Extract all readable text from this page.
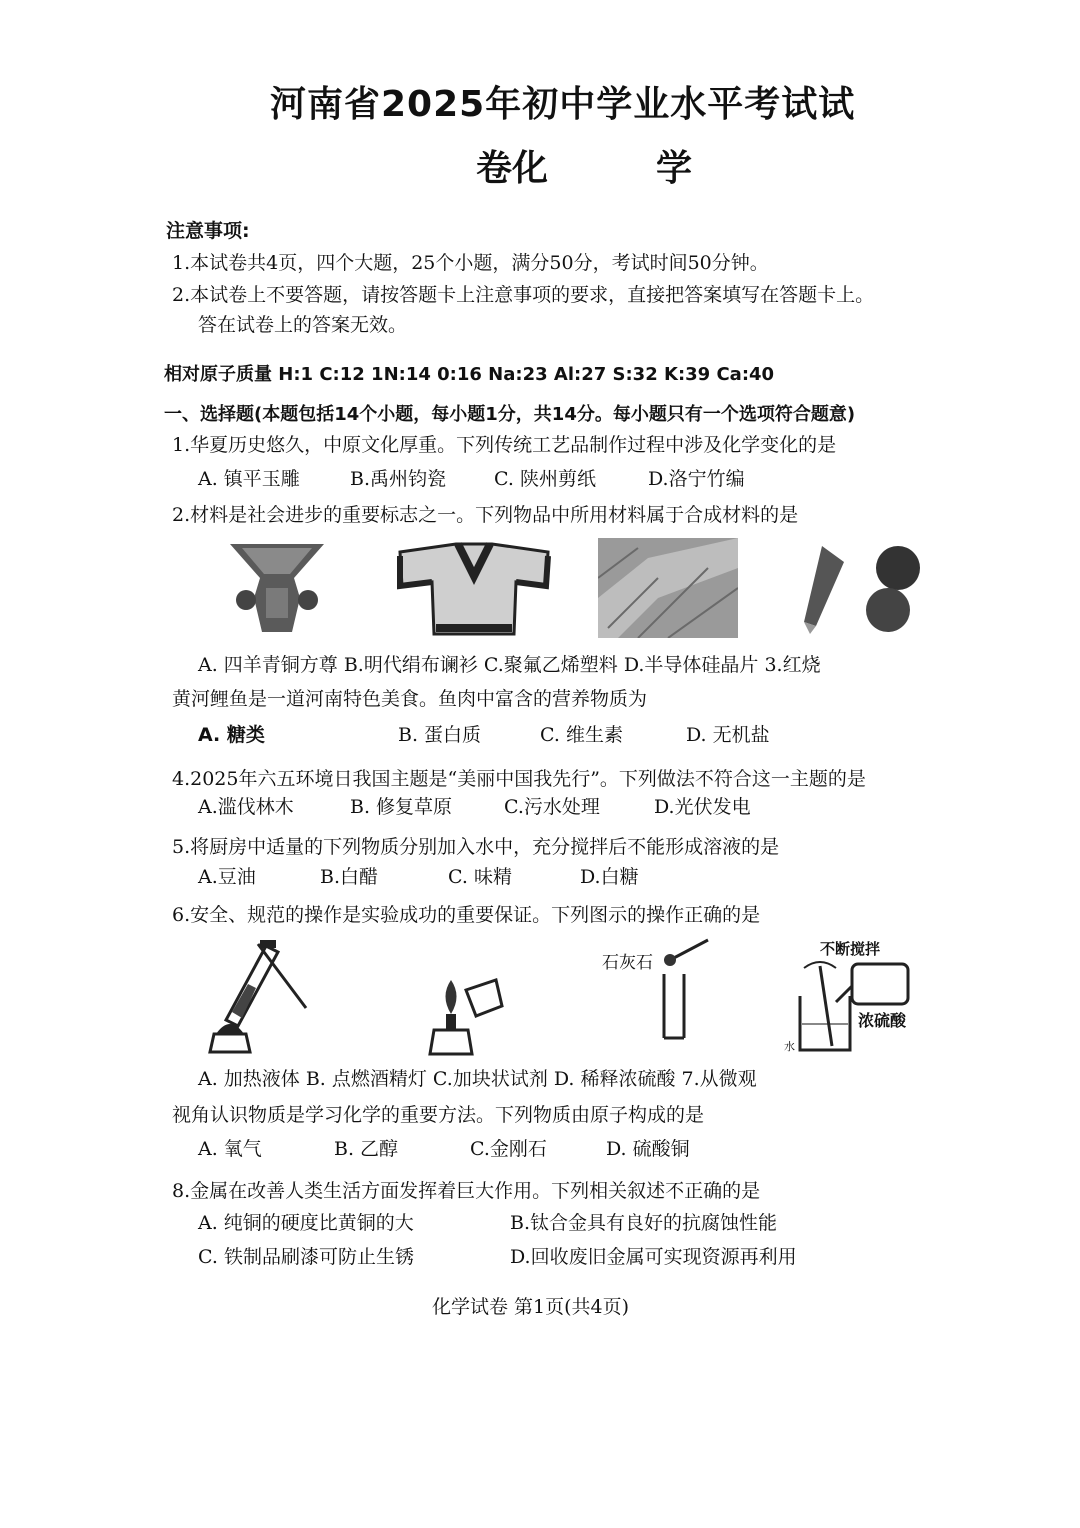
河南省2025年初中学业水平考试试
卷化	学
注意事项:
1.本试卷共4页，四个大题，25个小题，满分50分，考试时间50分钟。
2.本试卷上不要答题，请按答题卡上注意事项的要求，直接把答案填写在答题卡上。
答在试卷上的答案无效。
相对原子质量 H:1 C:12 1N:14 0:16 Na:23 Al:27 S:32 K:39 Ca:40
一、选择题(本题包括14个小题，每小题1分，共14分。每小题只有一个选项符合题意)
1.华夏历史悠久，中原文化厚重。下列传统工艺品制作过程中涉及化学变化的是
A. 镇平玉雕	B.禹州钧瓷	C. 陕州剪纸	D.洛宁竹编
2.材料是社会进步的重要标志之一。下列物品中所用材料属于合成材料的是
A. 四羊青铜方尊 B.明代绢布谰衫 C.聚氟乙烯塑料 D.半导体硅晶片 3.红烧
黄河鲤鱼是一道河南特色美食。鱼肉中富含的营养物质为
A. 糖类	B. 蛋白质	C. 维生素	D. 无机盐
4.2025年六五环境日我国主题是“美丽中国我先行”。下列做法不符合这一主题的是
A.滥伐林木	B. 修复草原	C.污水处理	D.光伏发电
5.将厨房中适量的下列物质分别加入水中，充分搅拌后不能形成溶液的是
A.豆油	B.白醋	C. 味精	D.白糖
6.安全、规范的操作是实验成功的重要保证。下列图示的操作正确的是
石灰石
不断搅拌
浓硫酸
水
A. 加热液体 B. 点燃酒精灯 C.加块状试剂 D. 稀释浓硫酸 7.从微观
视角认识物质是学习化学的重要方法。下列物质由原子构成的是
A. 氧气	B. 乙醇	C.金刚石	D. 硫酸铜
8.金属在改善人类生活方面发挥着巨大作用。下列相关叙述不正确的是
A. 纯铜的硬度比黄铜的大	B.钛合金具有良好的抗腐蚀性能
C. 铁制品刷漆可防止生锈	D.回收废旧金属可实现资源再利用
化学试卷 第1页(共4页)
